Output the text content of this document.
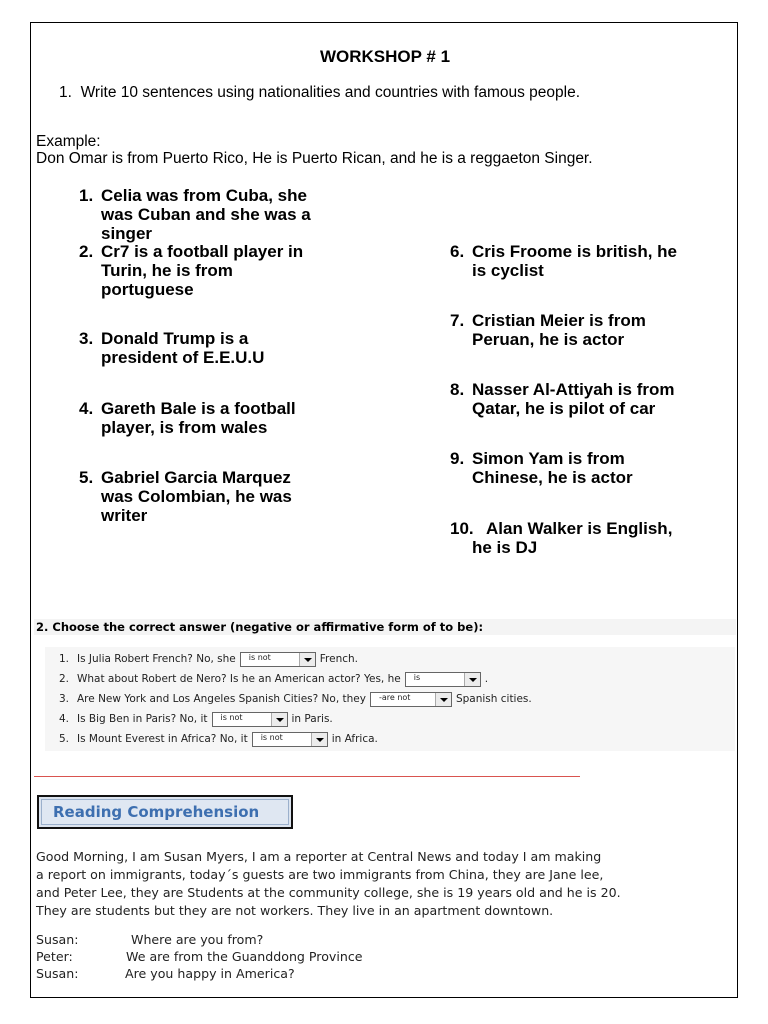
WORKSHOP # 1
1. Write 10 sentences using nationalities and countries with famous people.
Example:
Don Omar is from Puerto Rico, He is Puerto Rican, and he is a reggaeton Singer.
1. Celia was from Cuba, she
was Cuban and she was a
singer
2. Cr7 is a football player in
Turin, he is from
portuguese
3. Donald Trump is a
president of E.E.U.U
4. Gareth Bale is a football
player, is from wales
5. Gabriel Garcia Marquez
was Colombian, he was
writer
6. Cris Froome is british, he
is cyclist
7. Cristian Meier is from
Peruan, he is actor
8. Nasser Al-Attiyah is from
Qatar, he is pilot of car
9. Simon Yam is from
Chinese, he is actor
10. Alan Walker is English,
he is DJ
2. Choose the correct answer (negative or affirmative form of to be):
1. Is Julia Robert French? No, she is not	French.
2. What about Robert de Nero? Is he an American actor? Yes, he is	.
3. Are New York and Los Angeles Spanish Cities? No, they -are not	Spanish cities.
4. Is Big Ben in Paris? No, it is not	in Paris.
5. Is Mount Everest in Africa? No, it is not	in Africa.
Reading Comprehension
Good Morning, I am Susan Myers, I am a reporter at Central News and today I am making
a report on immigrants, today´s guests are two immigrants from China, they are Jane lee,
and Peter Lee, they are Students at the community college, she is 19 years old and he is 20.
They are students but they are not workers. They live in an apartment downtown.
Susan:	Where are you from?
Peter:	We are from the Guanddong Province
Susan:	Are you happy in America?
